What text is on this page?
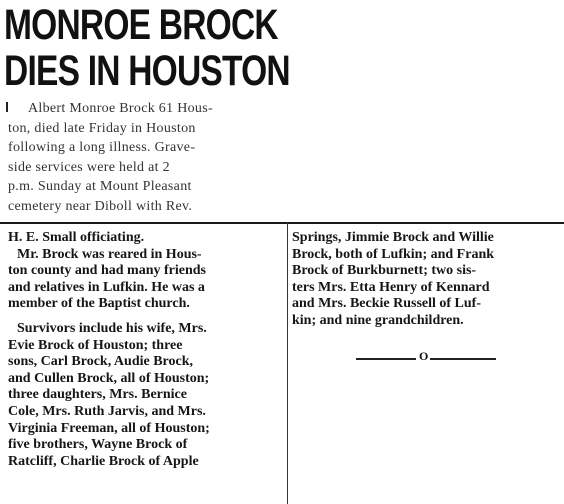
MONROE BROCK
DIES IN HOUSTON
Albert Monroe Brock 61 Hous-
ton, died late Friday in Houston
following a long illness. Grave-
side services were held at 2
p.m. Sunday at Mount Pleasant
cemetery near Diboll with Rev.
H. E. Small officiating.
Mr. Brock was reared in Hous-
ton county and had many friends
and relatives in Lufkin. He was a
member of the Baptist church.
Survivors include his wife, Mrs.
Evie Brock of Houston; three
sons, Carl Brock, Audie Brock,
and Cullen Brock, all of Houston;
three daughters, Mrs. Bernice
Cole, Mrs. Ruth Jarvis, and Mrs.
Virginia Freeman, all of Houston;
five brothers, Wayne Brock of
Ratcliff, Charlie Brock of Apple
Springs, Jimmie Brock and Willie
Brock, both of Lufkin; and Frank
Brock of Burkburnett; two sis-
ters Mrs. Etta Henry of Kennard
and Mrs. Beckie Russell of Luf-
kin; and nine grandchildren.
O
